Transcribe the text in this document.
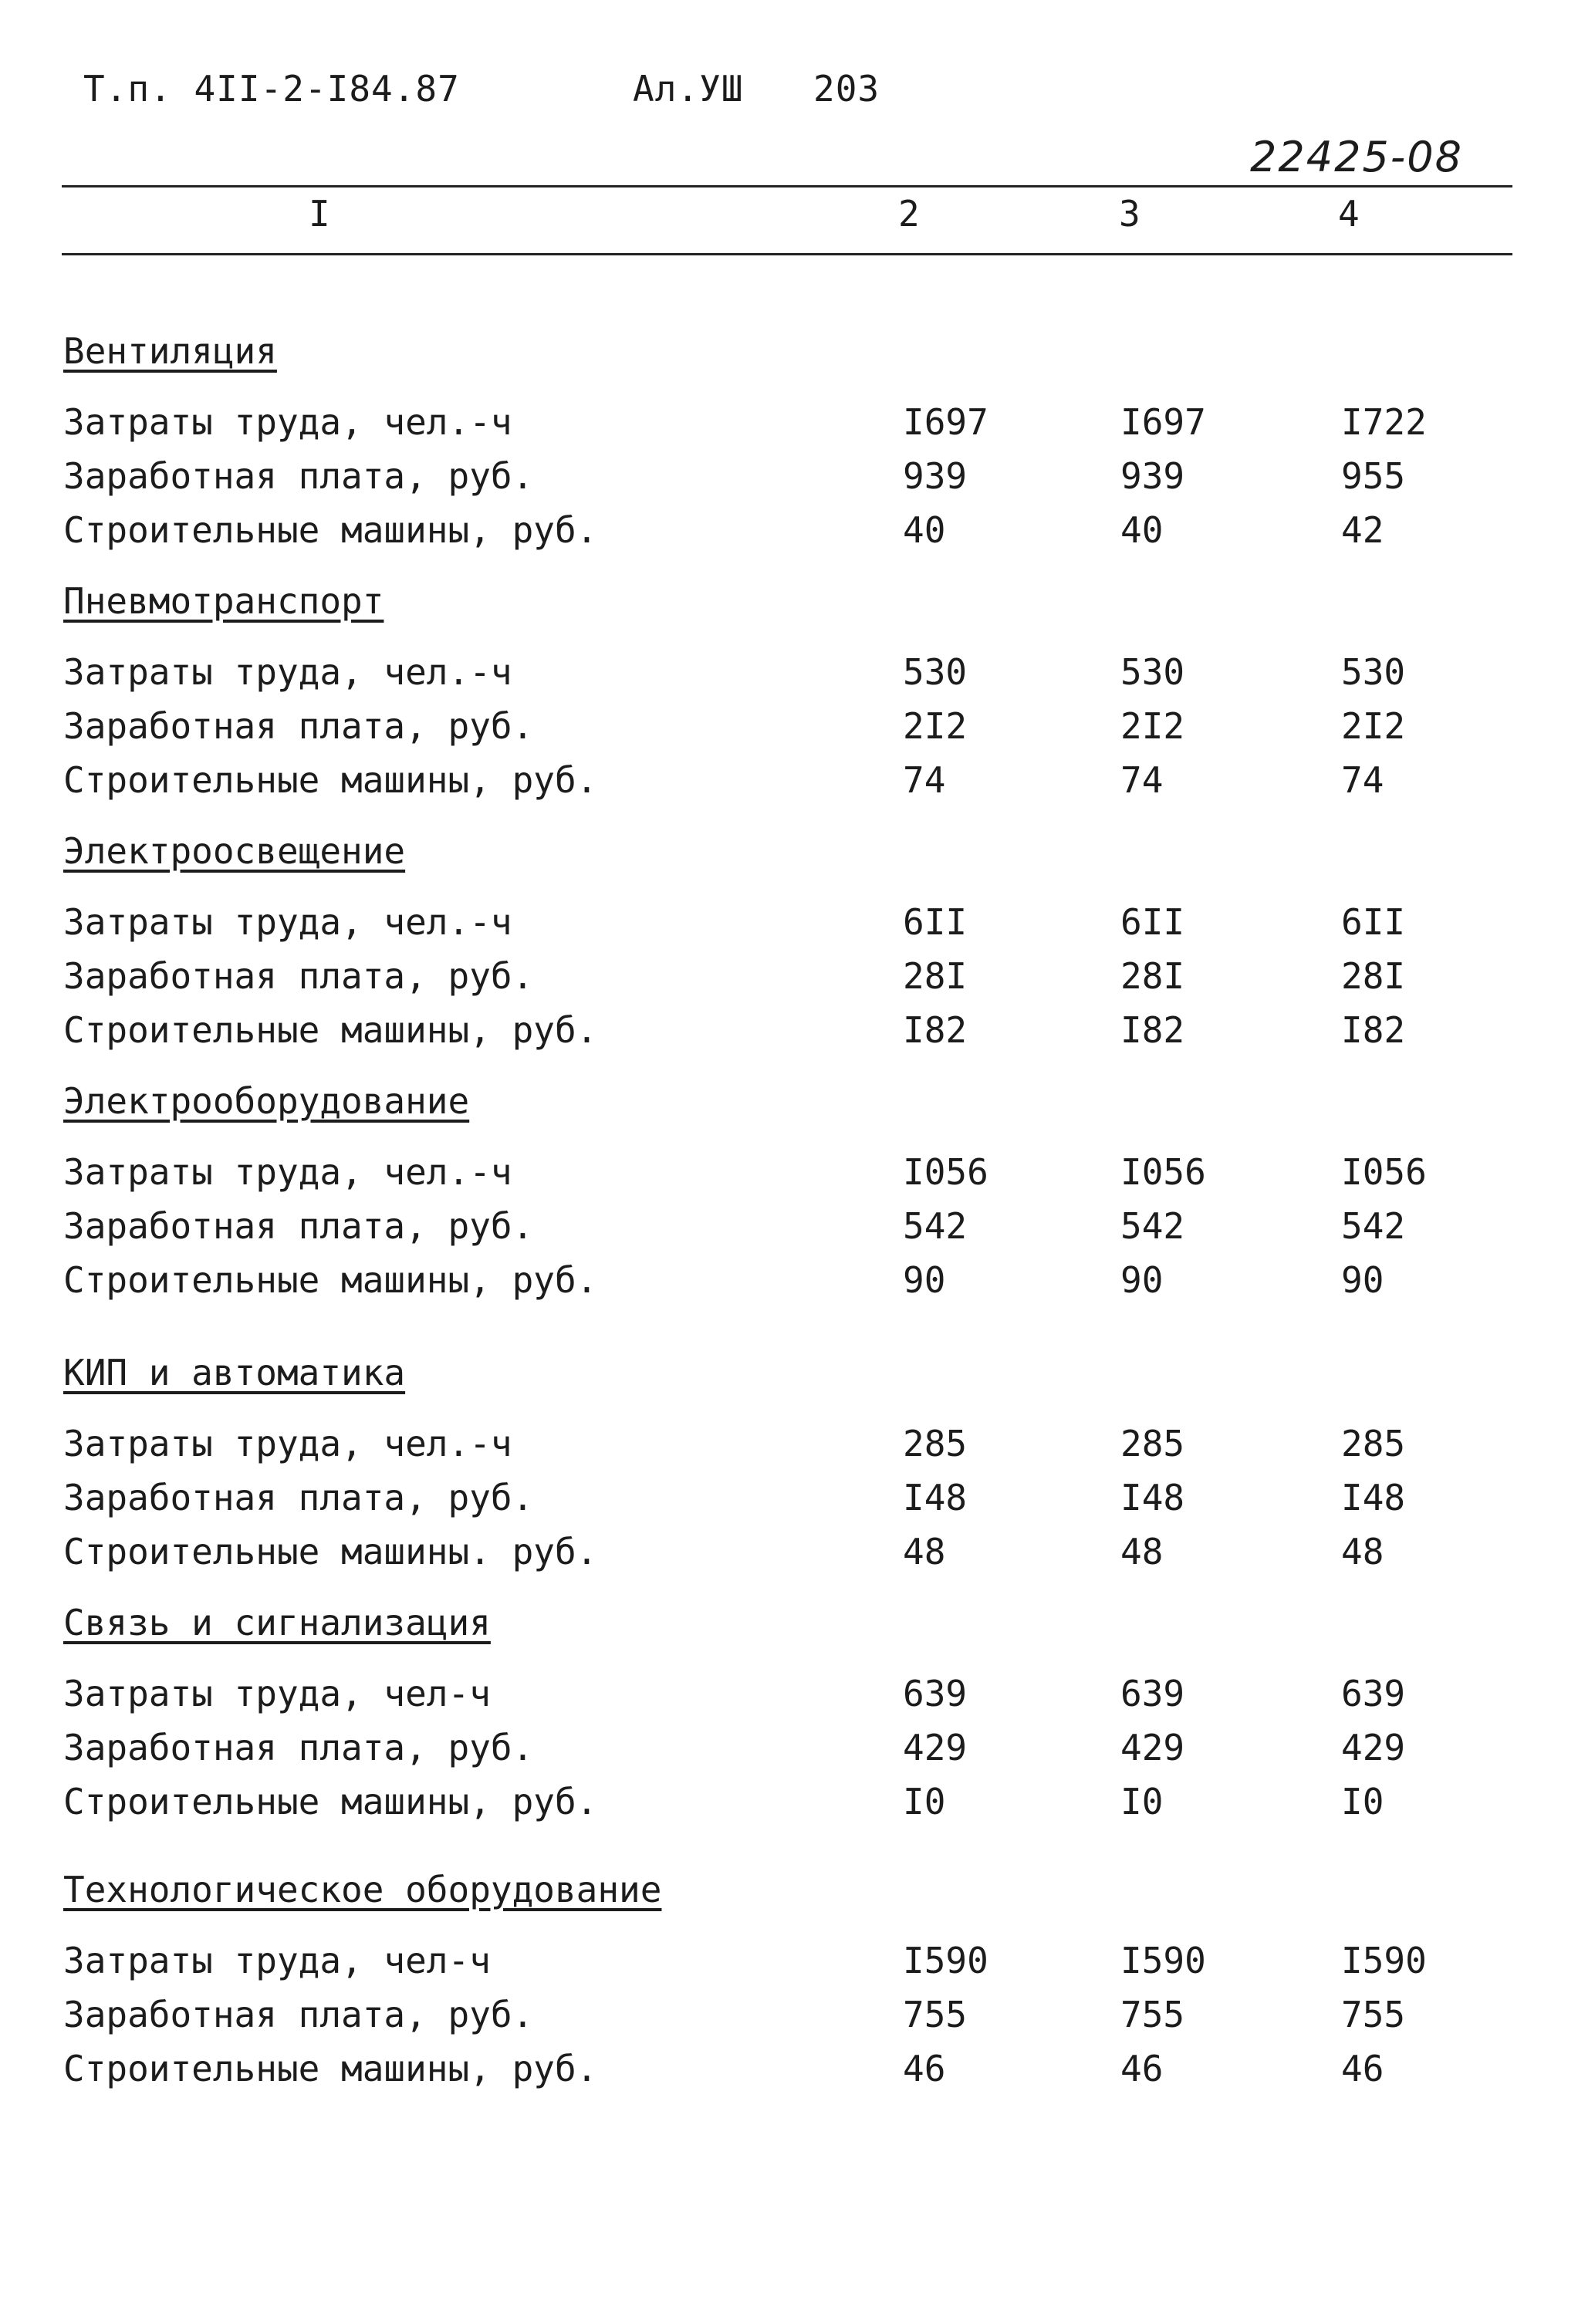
Т.п. 4II-2-I84.87	Ал.УШ 203
22425-08
I	2	3	4
Вентиляция
Затраты труда, чел.-ч	I697	I697	I722
Заработная плата, руб.	939	939	955
Строительные машины, руб.	40	40	42
Пневмотранспорт
Затраты труда, чел.-ч	530	530	530
Заработная плата, руб.	2I2	2I2	2I2
Строительные машины, руб.	74	74	74
Электроосвещение
Затраты труда, чел.-ч	6II	6II	6II
Заработная плата, руб.	28I	28I	28I
Строительные машины, руб.	I82	I82	I82
Электрооборудование
Затраты труда, чел.-ч	I056	I056	I056
Заработная плата, руб.	542	542	542
Строительные машины, руб.	90	90	90
КИП и автоматика
Затраты труда, чел.-ч	285	285	285
Заработная плата, руб.	I48	I48	I48
Строительные машины. руб.	48	48	48
Связь и сигнализация
Затраты труда, чел-ч	639	639	639
Заработная плата, руб.	429	429	429
Строительные машины, руб.	I0	I0	I0
Технологическое оборудование
Затраты труда, чел-ч	I590	I590	I590
Заработная плата, руб.	755	755	755
Строительные машины, руб.	46	46	46
